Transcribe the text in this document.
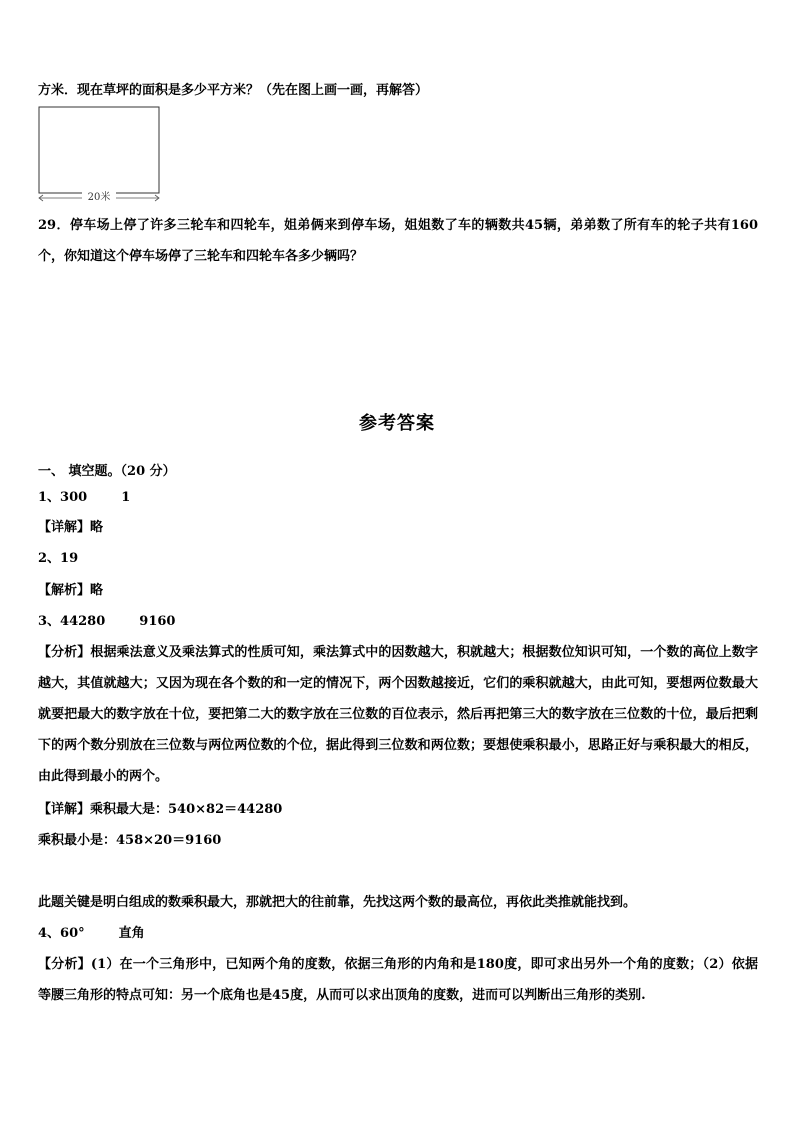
方米．现在草坪的面积是多少平方米？（先在图上画一画，再解答）
20米
29．停车场上停了许多三轮车和四轮车，姐弟俩来到停车场，姐姐数了车的辆数共45辆，弟弟数了所有车的轮子共有160个，你知道这个停车场停了三轮车和四轮车各多少辆吗？
参考答案
一、 填空题。（20 分）
1、300	1
【详解】略
2、19
【解析】略
3、44280	9160
【分析】根据乘法意义及乘法算式的性质可知，乘法算式中的因数越大，积就越大；根据数位知识可知，一个数的高位上数字越大，其值就越大；又因为现在各个数的和一定的情况下，两个因数越接近，它们的乘积就越大，由此可知，要想两位数最大就要把最大的数字放在十位，要把第二大的数字放在三位数的百位表示，然后再把第三大的数字放在三位数的十位，最后把剩下的两个数分别放在三位数与两位两位数的个位，据此得到三位数和两位数；要想使乘积最小，思路正好与乘积最大的相反，由此得到最小的两个。
【详解】乘积最大是：540×82＝44280
乘积最小是：458×20＝9160
此题关键是明白组成的数乘积最大，那就把大的往前靠，先找这两个数的最高位，再依此类推就能找到。
4、60°	直角
【分析】(1）在一个三角形中，已知两个角的度数，依据三角形的内角和是180度，即可求出另外一个角的度数；（2）依据等腰三角形的特点可知：另一个底角也是45度，从而可以求出顶角的度数，进而可以判断出三角形的类别.
